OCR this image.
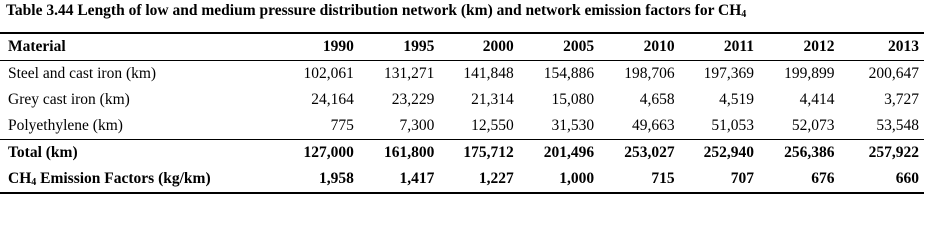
Table 3.44 Length of low and medium pressure distribution network (km) and network emission factors for $CH_4$
Material	1990	1995	2000	2005	2010	2011	2012	2013
Steel and cast iron (km)	102,061	131,271	141,848	154,886	198,706	197,369	199,899	200,647
Grey cast iron (km)	24,164	23,229	21,314	15,080	4,658	4,519	4,414	3,727
Polyethylene (km)	775	7,300	12,550	31,530	49,663	51,053	52,073	53,548
Total (km)	127,000	161,800	175,712	201,496	253,027	252,940	256,386	257,922
$CH_4$ Emission Factors (kg/km)	1,958	1,417	1,227	1,000	715	707	676	660
